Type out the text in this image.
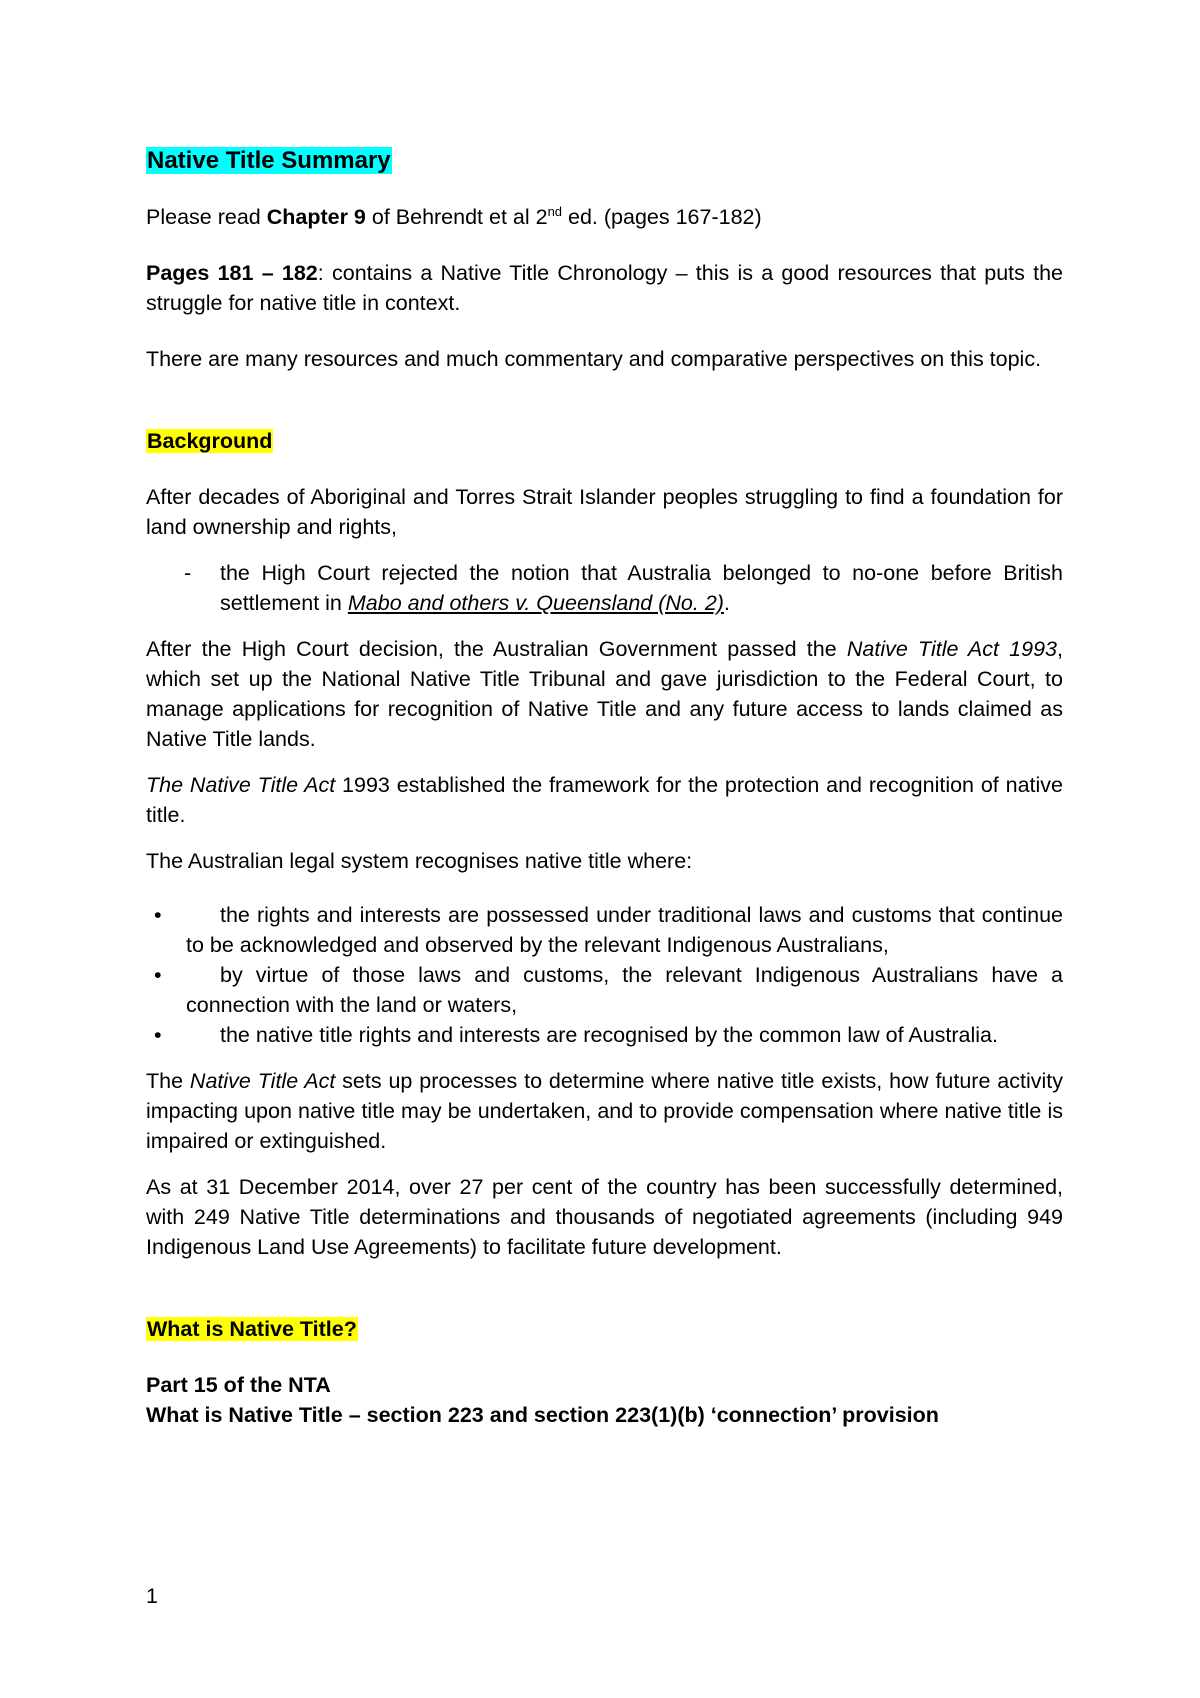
Native Title Summary

Please read Chapter 9 of Behrendt et al 2nd ed. (pages 167-182)

Pages 181 – 182: contains a Native Title Chronology – this is a good resources that puts the struggle for native title in context.

There are many resources and much commentary and comparative perspectives on this topic.

Background

After decades of Aboriginal and Torres Strait Islander peoples struggling to find a foundation for land ownership and rights,

- the High Court rejected the notion that Australia belonged to no-one before British settlement in Mabo and others v. Queensland (No. 2).

After the High Court decision, the Australian Government passed the Native Title Act 1993, which set up the National Native Title Tribunal and gave jurisdiction to the Federal Court, to manage applications for recognition of Native Title and any future access to lands claimed as Native Title lands.

The Native Title Act 1993 established the framework for the protection and recognition of native title.

The Australian legal system recognises native title where:

•	the rights and interests are possessed under traditional laws and customs that continue to be acknowledged and observed by the relevant Indigenous Australians,
•	by virtue of those laws and customs, the relevant Indigenous Australians have a connection with the land or waters,
•	the native title rights and interests are recognised by the common law of Australia.

The Native Title Act sets up processes to determine where native title exists, how future activity impacting upon native title may be undertaken, and to provide compensation where native title is impaired or extinguished.

As at 31 December 2014, over 27 per cent of the country has been successfully determined, with 249 Native Title determinations and thousands of negotiated agreements (including 949 Indigenous Land Use Agreements) to facilitate future development.

What is Native Title?

Part 15 of the NTA

What is Native Title – section 223 and section 223(1)(b) ‘connection’ provision

1
